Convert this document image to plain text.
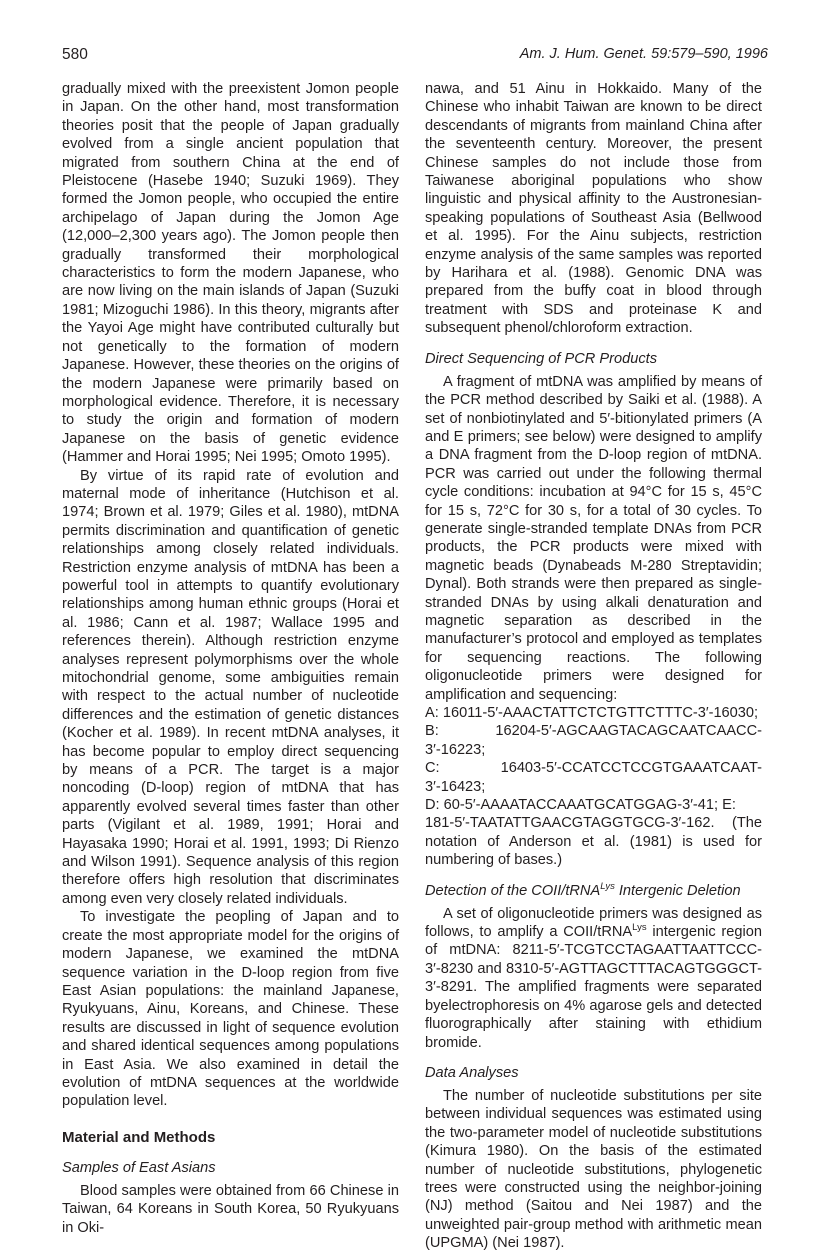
580	Am. J. Hum. Genet. 59:579–590, 1996

gradually mixed with the preexistent Jomon people in Japan. On the other hand, most transformation theories posit that the people of Japan gradually evolved from a single ancient population that migrated from southern China at the end of Pleistocene (Hasebe 1940; Suzuki 1969). They formed the Jomon people, who occupied the entire archipelago of Japan during the Jomon Age (12,000–2,300 years ago). The Jomon people then gradually transformed their morphological characteristics to form the modern Japanese, who are now living on the main islands of Japan (Suzuki 1981; Mizoguchi 1986). In this theory, migrants after the Yayoi Age might have contributed culturally but not genetically to the formation of modern Japanese. However, these theories on the origins of the modern Japanese were primarily based on morphological evidence. Therefore, it is necessary to study the origin and formation of modern Japanese on the basis of genetic evidence (Hammer and Horai 1995; Nei 1995; Omoto 1995).

By virtue of its rapid rate of evolution and maternal mode of inheritance (Hutchison et al. 1974; Brown et al. 1979; Giles et al. 1980), mtDNA permits discrimination and quantification of genetic relationships among closely related individuals. Restriction enzyme analysis of mtDNA has been a powerful tool in attempts to quantify evolutionary relationships among human ethnic groups (Horai et al. 1986; Cann et al. 1987; Wallace 1995 and references therein). Although restriction enzyme analyses represent polymorphisms over the whole mitochondrial genome, some ambiguities remain with respect to the actual number of nucleotide differences and the estimation of genetic distances (Kocher et al. 1989). In recent mtDNA analyses, it has become popular to employ direct sequencing by means of a PCR. The target is a major noncoding (D-loop) region of mtDNA that has apparently evolved several times faster than other parts (Vigilant et al. 1989, 1991; Horai and Hayasaka 1990; Horai et al. 1991, 1993; Di Rienzo and Wilson 1991). Sequence analysis of this region therefore offers high resolution that discriminates among even very closely related individuals.

To investigate the peopling of Japan and to create the most appropriate model for the origins of modern Japanese, we examined the mtDNA sequence variation in the D-loop region from five East Asian populations: the mainland Japanese, Ryukyuans, Ainu, Koreans, and Chinese. These results are discussed in light of sequence evolution and shared identical sequences among populations in East Asia. We also examined in detail the evolution of mtDNA sequences at the worldwide population level.

Material and Methods
Samples of East Asians

Blood samples were obtained from 66 Chinese in Taiwan, 64 Koreans in South Korea, 50 Ryukyuans in Oki-

nawa, and 51 Ainu in Hokkaido. Many of the Chinese who inhabit Taiwan are known to be direct descendants of migrants from mainland China after the seventeenth century. Moreover, the present Chinese samples do not include those from Taiwanese aboriginal populations who show linguistic and physical affinity to the Austronesian-speaking populations of Southeast Asia (Bellwood et al. 1995). For the Ainu subjects, restriction enzyme analysis of the same samples was reported by Harihara et al. (1988). Genomic DNA was prepared from the buffy coat in blood through treatment with SDS and proteinase K and subsequent phenol/chloroform extraction.

Direct Sequencing of PCR Products

A fragment of mtDNA was amplified by means of the PCR method described by Saiki et al. (1988). A set of nonbiotinylated and 5′-bitionylated primers (A and E primers; see below) were designed to amplify a DNA fragment from the D-loop region of mtDNA. PCR was carried out under the following thermal cycle conditions: incubation at 94°C for 15 s, 45°C for 15 s, 72°C for 30 s, for a total of 30 cycles. To generate single-stranded template DNAs from PCR products, the PCR products were mixed with magnetic beads (Dynabeads M-280 Streptavidin; Dynal). Both strands were then prepared as single-stranded DNAs by using alkali denaturation and magnetic separation as described in the manufacturer’s protocol and employed as templates for sequencing reactions. The following oligonucleotide primers were designed for amplification and sequencing:

A: 16011-5′-AAACTATTCTCTGTTCTTTC-3′-16030;

B: 16204-5′-AGCAAGTACAGCAATCAACC-3′-16223;

C: 16403-5′-CCATCCTCCGTGAAATCAAT-3′-16423;

D: 60-5′-AAAATACCAAATGCATGGAG-3′-41; E:

181-5′-TAATATTGAACGTAGGTGCG-3′-162. (The notation of Anderson et al. (1981) is used for numbering of bases.)

Detection of the COII/tRNA$^{Lys}$ Intergenic Deletion

A set of oligonucleotide primers was designed as follows, to amplify a COII/tRNA$^{Lys}$ intergenic region of mtDNA: 8211-5′-TCGTCCTAGAATTAATTCCC-3′-8230 and 8310-5′-AGTTAGCTTTACAGTGGGCT-3′-8291. The amplified fragments were separated byelectrophoresis on 4% agarose gels and detected fluorographically after staining with ethidium bromide.

Data Analyses

The number of nucleotide substitutions per site between individual sequences was estimated using the two-parameter model of nucleotide substitutions (Kimura 1980). On the basis of the estimated number of nucleotide substitutions, phylogenetic trees were constructed using the neighbor-joining (NJ) method (Saitou and Nei 1987) and the unweighted pair-group method with arithmetic mean (UPGMA) (Nei 1987).
